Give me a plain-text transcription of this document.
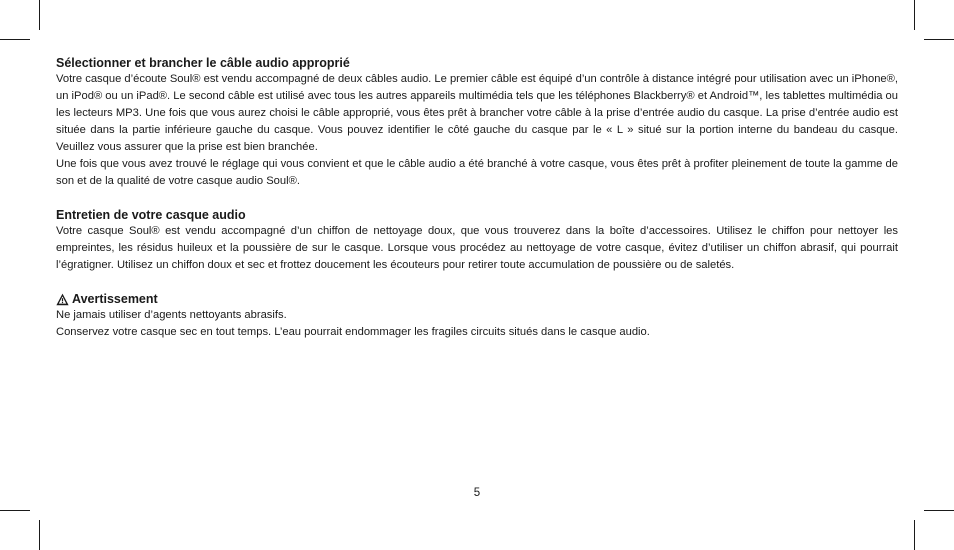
Sélectionner et brancher le câble audio approprié

Votre casque d’écoute Soul® est vendu accompagné de deux câbles audio. Le premier câble est équipé d’un contrôle à distance intégré pour utilisation avec un iPhone®, un iPod® ou un iPad®. Le second câble est utilisé avec tous les autres appareils multimédia tels que les téléphones Blackberry® et Android™, les tablettes multimédia ou les lecteurs MP3. Une fois que vous aurez choisi le câble approprié, vous êtes prêt à brancher votre câble à la prise d’entrée audio du casque. La prise d’entrée audio est située dans la partie inférieure gauche du casque. Vous pouvez identifier le côté gauche du casque par le « L » situé sur la portion interne du bandeau du casque. Veuillez vous assurer que la prise est bien branchée.

Une fois que vous avez trouvé le réglage qui vous convient et que le câble audio a été branché à votre casque, vous êtes prêt à profiter pleinement de toute la gamme de son et de la qualité de votre casque audio Soul®.

Entretien de votre casque audio

Votre casque Soul® est vendu accompagné d’un chiffon de nettoyage doux, que vous trouverez dans la boîte d’accessoires. Utilisez le chiffon pour nettoyer les empreintes, les résidus huileux et la poussière de sur le casque. Lorsque vous procédez au nettoyage de votre casque, évitez d’utiliser un chiffon abrasif, qui pourrait l’égratigner. Utilisez un chiffon doux et sec et frottez doucement les écouteurs pour retirer toute accumulation de poussière ou de saletés.

Avertissement

Ne jamais utiliser d’agents nettoyants abrasifs.

Conservez votre casque sec en tout temps. L’eau pourrait endommager les fragiles circuits situés dans le casque audio.

5
